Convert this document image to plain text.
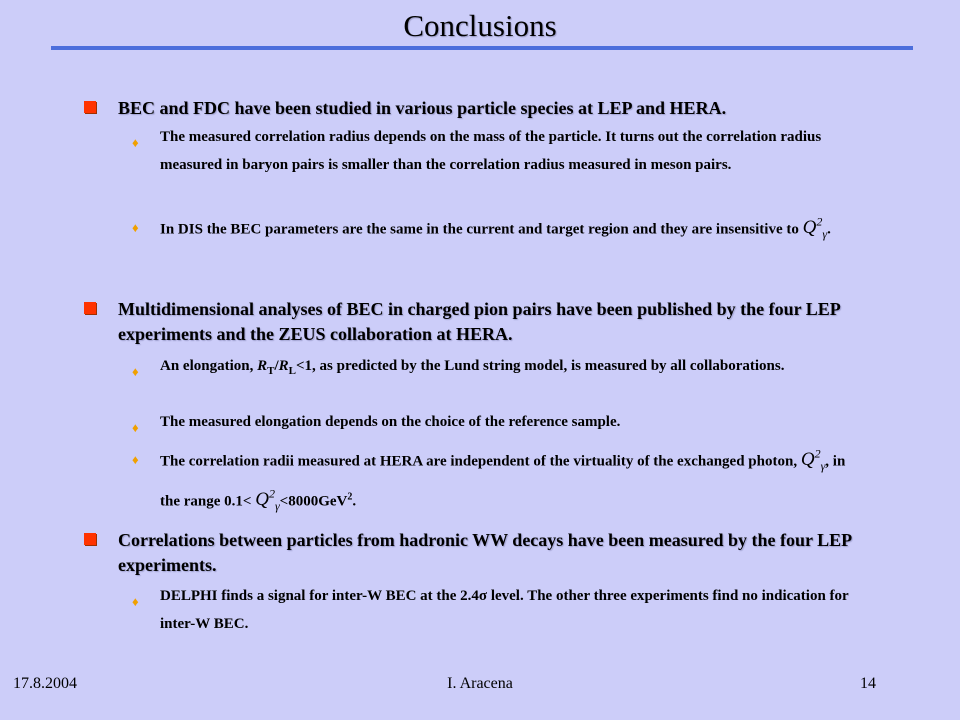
Conclusions
BEC and FDC have been studied in various particle species at LEP and HERA.
♦	The measured correlation radius depends on the mass of the particle. It turns out the correlation radius measured in baryon pairs is smaller than the correlation radius measured in meson pairs.
♦	In DIS the BEC parameters are the same in the current and target region and they are insensitive to $Q^2_\gamma$.
Multidimensional analyses of BEC in charged pion pairs have been published by the four LEP experiments and the ZEUS collaboration at HERA.
♦	An elongation, $R_T/R_L<1$, as predicted by the Lund string model, is measured by all collaborations.
♦	The measured elongation depends on the choice of the reference sample.
♦	The correlation radii measured at HERA are independent of the virtuality of the exchanged photon, $Q^2_\gamma$, in the range $0.1< Q^2_\gamma<8000GeV^2$.
Correlations between particles from hadronic WW decays have been measured by the four LEP experiments.
♦	DELPHI finds a signal for inter-W BEC at the 2.4σ level. The other three experiments find no indication for inter-W BEC.
17.8.2004	I. Aracena	14
